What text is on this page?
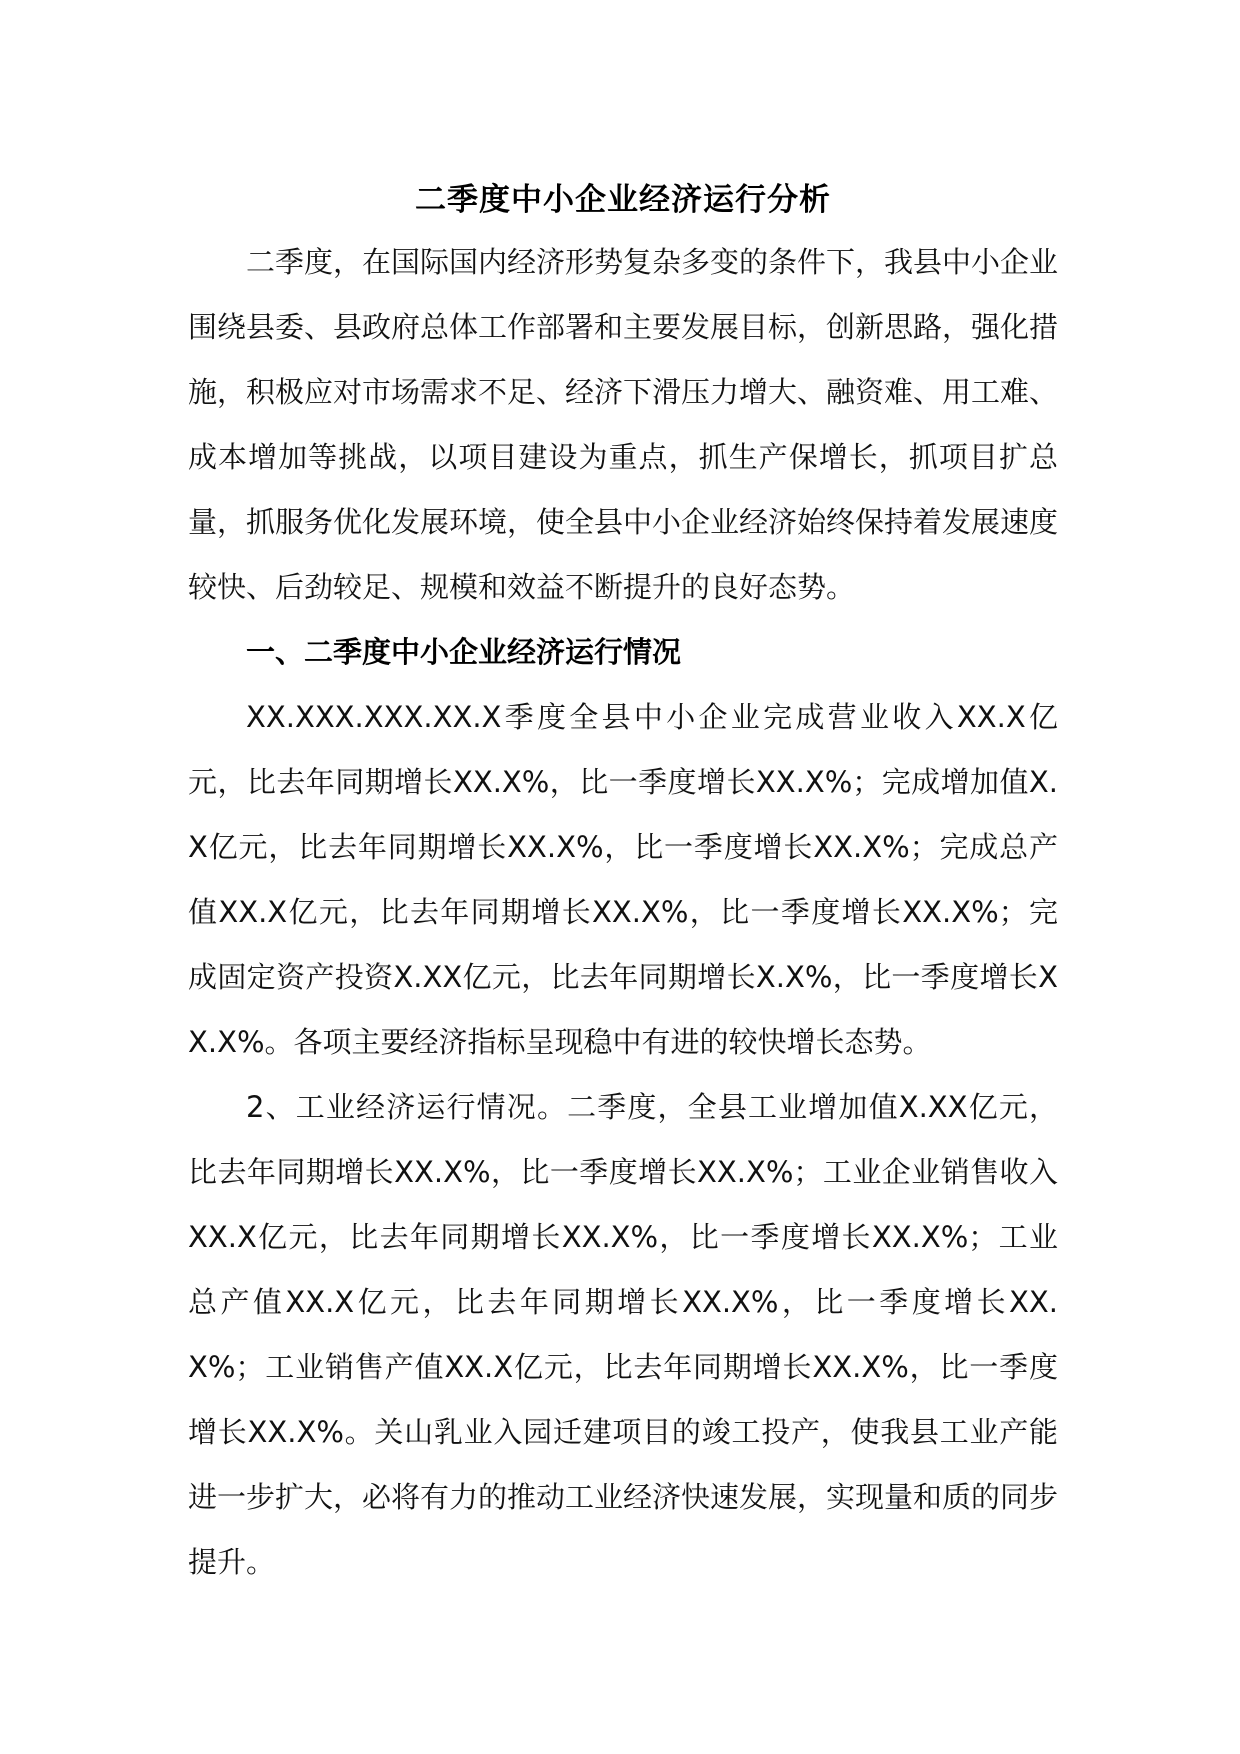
二季度中小企业经济运行分析

二季度，在国际国内经济形势复杂多变的条件下，我县中小企业围绕县委、县政府总体工作部署和主要发展目标，创新思路，强化措施，积极应对市场需求不足、经济下滑压力增大、融资难、用工难、成本增加等挑战，以项目建设为重点，抓生产保增长，抓项目扩总量，抓服务优化发展环境，使全县中小企业经济始终保持着发展速度较快、后劲较足、规模和效益不断提升的良好态势。

一、二季度中小企业经济运行情况

XX.XXX.XXX.XX.X季度全县中小企业完成营业收入XX.X亿元，比去年同期增长XX.X%，比一季度增长XX.X%；完成增加值X.X亿元，比去年同期增长XX.X%，比一季度增长XX.X%；完成总产值XX.X亿元，比去年同期增长XX.X%，比一季度增长XX.X%；完成固定资产投资X.XX亿元，比去年同期增长X.X%，比一季度增长XX.X%。各项主要经济指标呈现稳中有进的较快增长态势。

2、工业经济运行情况。二季度，全县工业增加值X.XX亿元，比去年同期增长XX.X%，比一季度增长XX.X%；工业企业销售收入XX.X亿元，比去年同期增长XX.X%，比一季度增长XX.X%；工业总产值XX.X亿元，比去年同期增长XX.X%，比一季度增长XX.X%；工业销售产值XX.X亿元，比去年同期增长XX.X%，比一季度增长XX.X%。关山乳业入园迁建项目的竣工投产，使我县工业产能进一步扩大，必将有力的推动工业经济快速发展，实现量和质的同步提升。
